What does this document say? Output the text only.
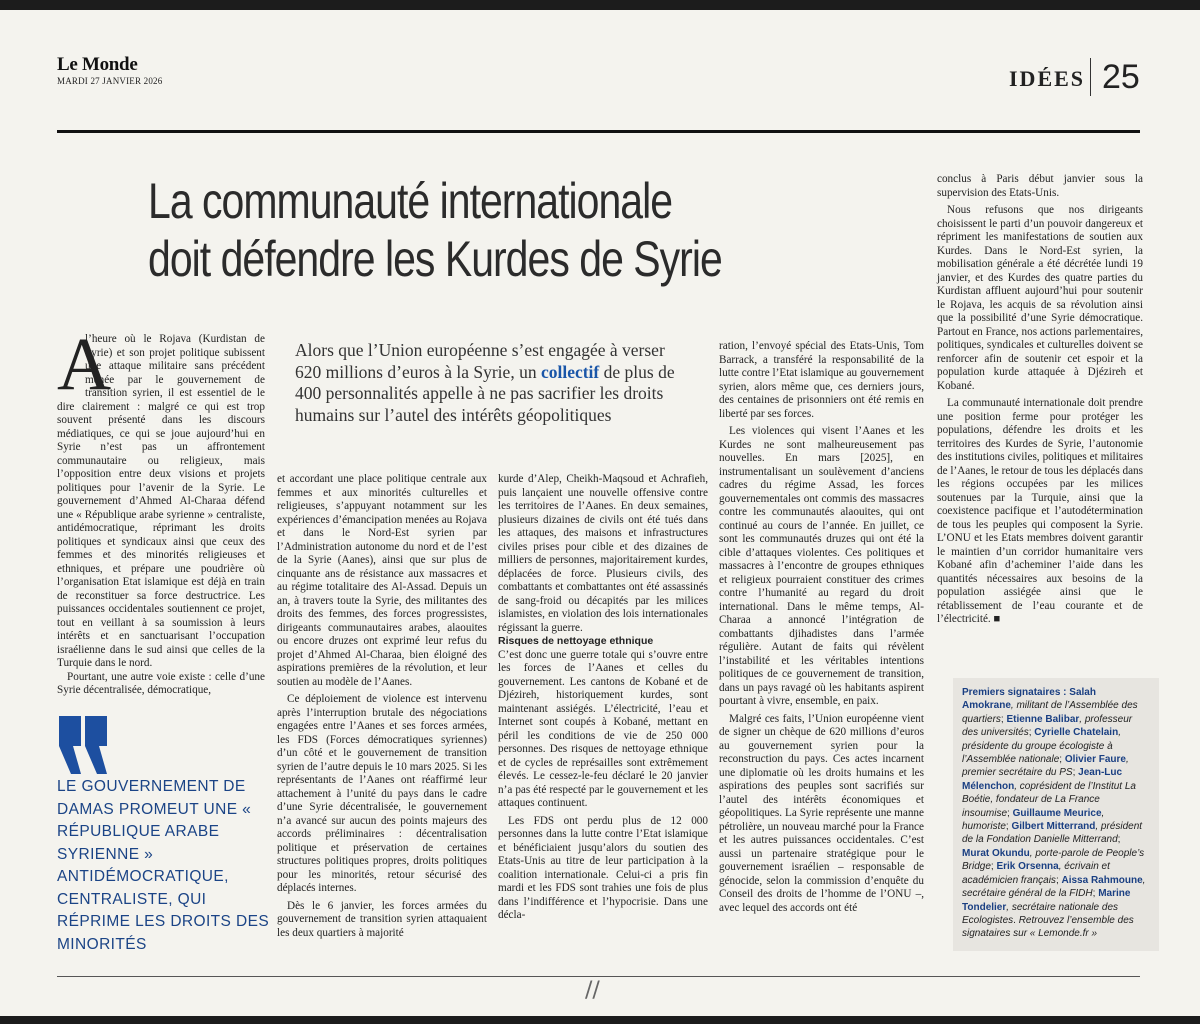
Le Monde
MARDI 27 JANVIER 2026	IDÉES 25
La communauté internationale
doit défendre les Kurdes de Syrie

l’heure où le Rojava (Kurdistan de Syrie) et son projet politique subissent une attaque militaire sans précédent menée par le gouvernement de transition syrien, il est essentiel de le dire clairement : malgré ce qui est trop souvent présenté dans les discours médiatiques, ce qui se joue aujourd’hui en Syrie n’est pas un affrontement communautaire ou religieux, mais l’opposition entre deux visions et projets politiques pour l’avenir de la Syrie. Le gouvernement d’Ahmed Al-Charaa défend une « République arabe syrienne » centraliste, antidémocratique, réprimant les droits politiques et syndicaux ainsi que ceux des femmes et des minorités religieuses et ethniques, et prépare une poudrière où l’organisation Etat islamique est déjà en train de reconstituer sa force destructrice. Les puissances occidentales soutiennent ce projet, tout en veillant à sa soumission à leurs intérêts et en sanctuarisant l’occupation israélienne dans le sud ainsi que celles de la Turquie dans le nord.

Pourtant, une autre voie existe : celle d’une Syrie décentralisée, démocratique,

A	Alors que l’Union européenne s’est engagée à verser 620 millions d’euros à la Syrie, un collectif de plus de 400 personnalités appelle à ne pas sacrifier les droits humains sur l’autel des intérêts géopolitiques
LE GOUVERNEMENT DE DAMAS PROMEUT UNE « RÉPUBLIQUE ARABE SYRIENNE » ANTIDÉMOCRATIQUE, CENTRALISTE, QUI RÉPRIME LES DROITS DES MINORITÉS

et accordant une place politique centrale aux femmes et aux minorités culturelles et religieuses, s’appuyant notamment sur les expériences d’émancipation menées au Rojava et dans le Nord-Est syrien par l’Administration autonome du nord et de l’est de la Syrie (Aanes), ainsi que sur plus de cinquante ans de résistance aux massacres et au régime totalitaire des Al-Assad. Depuis un an, à travers toute la Syrie, des militantes des droits des femmes, des forces progressistes, dirigeants communautaires arabes, alaouites ou encore druzes ont exprimé leur refus du projet d’Ahmed Al-Charaa, bien éloigné des aspirations premières de la révolution, et leur soutien au modèle de l’Aanes.

Ce déploiement de violence est intervenu après l’interruption brutale des négociations engagées entre l’Aanes et ses forces armées, les FDS (Forces démocratiques syriennes) d’un côté et le gouvernement de transition syrien de l’autre depuis le 10 mars 2025. Si les représentants de l’Aanes ont réaffirmé leur attachement à l’unité du pays dans le cadre d’une Syrie décentralisée, le gouvernement n’a avancé sur aucun des points majeurs des accords préliminaires : décentralisation politique et préservation de certaines structures politiques propres, droits politiques pour les minorités, retour sécurisé des déplacés internes.

Dès le 6 janvier, les forces armées du gouvernement de transition syrien attaquaient les deux quartiers à majorité

kurde d’Alep, Cheikh-Maqsoud et Achrafieh, puis lançaient une nouvelle offensive contre les territoires de l’Aanes. En deux semaines, plusieurs dizaines de civils ont été tués dans les attaques, des maisons et infrastructures civiles prises pour cible et des dizaines de milliers de personnes, majoritairement kurdes, déplacées de force. Plusieurs civils, des combattants et combattantes ont été assassinés de sang-froid ou décapités par les milices islamistes, en violation des lois internationales régissant la guerre.

Risques de nettoyage ethnique

C’est donc une guerre totale qui s’ouvre entre les forces de l’Aanes et celles du gouvernement. Les cantons de Kobané et de Djézireh, historiquement kurdes, sont maintenant assiégés. L’électricité, l’eau et Internet sont coupés à Kobané, mettant en péril les conditions de vie de 250 000 personnes. Des risques de nettoyage ethnique et de cycles de représailles sont extrêmement élevés. Le cessez-le-feu déclaré le 20 janvier n’a pas été respecté par le gouvernement et les attaques continuent.

Les FDS ont perdu plus de 12 000 personnes dans la lutte contre l’Etat islamique et bénéficiaient jusqu’alors du soutien des Etats-Unis au titre de leur participation à la coalition internationale. Celui-ci a pris fin mardi et les FDS sont trahies une fois de plus dans l’indifférence et l’hypocrisie. Dans une décla-

ration, l’envoyé spécial des Etats-Unis, Tom Barrack, a transféré la responsabilité de la lutte contre l’Etat islamique au gouvernement syrien, alors même que, ces derniers jours, des centaines de prisonniers ont été remis en liberté par ses forces.

Les violences qui visent l’Aanes et les Kurdes ne sont malheureusement pas nouvelles. En mars [2025], en instrumentalisant un soulèvement d’anciens cadres du régime Assad, les forces gouvernementales ont commis des massacres contre les communautés alaouites, qui ont continué au cours de l’année. En juillet, ce sont les communautés druzes qui ont été la cible d’attaques violentes. Ces politiques et massacres à l’encontre de groupes ethniques et religieux pourraient constituer des crimes contre l’humanité au regard du droit international. Dans le même temps, Al-Charaa a annoncé l’intégration de combattants djihadistes dans l’armée régulière. Autant de faits qui révèlent l’instabilité et les véritables intentions politiques de ce gouvernement de transition, dans un pays ravagé où les habitants aspirent pourtant à vivre, ensemble, en paix.

Malgré ces faits, l’Union européenne vient de signer un chèque de 620 millions d’euros au gouvernement syrien pour la reconstruction du pays. Ces actes incarnent une diplomatie où les droits humains et les aspirations des peuples sont sacrifiés sur l’autel des intérêts économiques et géopolitiques. La Syrie représente une manne pétrolière, un nouveau marché pour la France et les autres puissances occidentales. C’est aussi un partenaire stratégique pour le gouvernement israélien – responsable de génocide, selon la commission d’enquête du Conseil des droits de l’homme de l’ONU –, avec lequel des accords ont été

conclus à Paris début janvier sous la supervision des Etats-Unis.

Nous refusons que nos dirigeants choisissent le parti d’un pouvoir dangereux et répriment les manifestations de soutien aux Kurdes. Dans le Nord-Est syrien, la mobilisation générale a été décrétée lundi 19 janvier, et des Kurdes des quatre parties du Kurdistan affluent aujourd’hui pour soutenir le Rojava, les acquis de sa révolution ainsi que la possibilité d’une Syrie démocratique. Partout en France, nos actions parlementaires, politiques, syndicales et culturelles doivent se renforcer afin de soutenir cet espoir et la population kurde attaquée à Djézireh et Kobané.

La communauté internationale doit prendre une position ferme pour protéger les populations, défendre les droits et les territoires des Kurdes de Syrie, l’autonomie des institutions civiles, politiques et militaires de l’Aanes, le retour de tous les déplacés dans les régions occupées par les milices soutenues par la Turquie, ainsi que la coexistence pacifique et l’autodétermination de tous les peuples qui composent la Syrie. L’ONU et les Etats membres doivent garantir le maintien d’un corridor humanitaire vers Kobané afin d’acheminer l’aide dans les quantités nécessaires aux besoins de la population assiégée ainsi que le rétablissement de l’eau courante et de l’électricité. ■

Premiers signataires : Salah Amokrane, militant de l’Assemblée des quartiers; Etienne Balibar, professeur des universités; Cyrielle Chatelain, présidente du groupe écologiste à l’Assemblée nationale; Olivier Faure, premier secrétaire du PS; Jean-Luc Mélenchon, coprésident de l’Institut La Boétie, fondateur de La France insoumise; Guillaume Meurice, humoriste; Gilbert Mitterrand, président de la Fondation Danielle Mitterrand; Murat Okundu, porte-parole de People’s Bridge; Erik Orsenna, écrivain et académicien français; Aissa Rahmoune, secrétaire général de la FIDH; Marine Tondelier, secrétaire nationale des Ecologistes. Retrouvez l’ensemble des signataires sur « Lemonde.fr »
//
